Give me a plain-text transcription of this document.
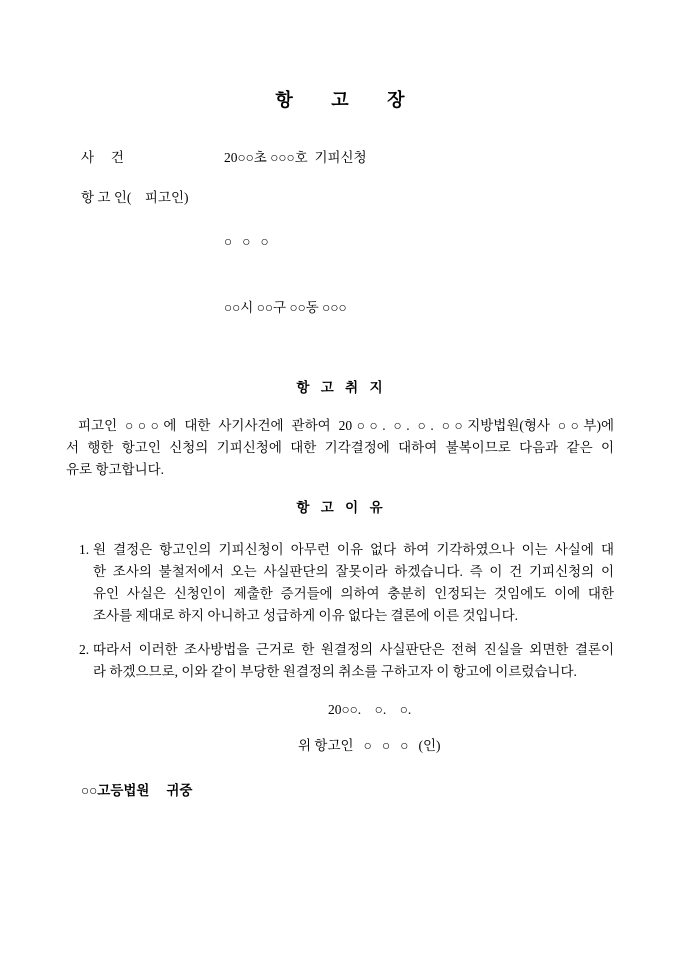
항 고 장
사     건	20○○초 ○○○호  기피신청
항 고 인(    피고인)

○   ○   ○

○○시 ○○구 ○○동 ○○○

항 고 취 지
피고인 ○○○에 대한 사기사건에 관하여 20○○. ○. ○. ○○지방법원(형사 ○○부)에
서 행한 항고인 신청의 기피신청에 대한 기각결정에 대하여 불복이므로 다음과 같은 이
유로 항고합니다.
항 고 이 유
1. 원 결정은 항고인의 기피신청이 아무런 이유 없다 하여 기각하였으나 이는 사실에 대
한 조사의 불철저에서 오는 사실판단의 잘못이라 하겠습니다. 즉 이 건 기피신청의 이
유인 사실은 신청인이 제출한 증거들에 의하여 충분히 인정되는 것임에도 이에 대한
조사를 제대로 하지 아니하고 성급하게 이유 없다는 결론에 이른 것입니다.
2. 따라서 이러한 조사방법을 근거로 한 원결정의 사실판단은 전혀 진실을 외면한 결론이
라 하겠으므로, 이와 같이 부당한 원결정의 취소를 구하고자 이 항고에 이르렀습니다.
20○○.    ○.    ○.
위 항고인   ○   ○   ○   (인)
○○고등법원     귀중
